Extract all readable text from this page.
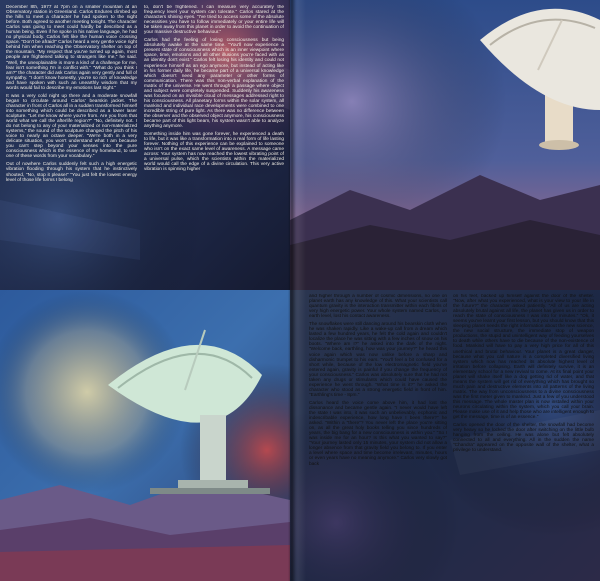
December 8th, 1977 at 7pm on a smaller mountain at an Observatory station in Greenland. Carlos Endures climbed up the hills to meet a character he had spoken to the night before. Both agreed to another meeting tonight. The character Carlos was going to meet could hardly be described as a human being. Even if he spoke in his native language, he had no physical body. Carlos felt like the human voice crossing space. "Don't be afraid!" Carlos heard a very gentle voice right behind him when reaching the Observatory shelter on top of the mountain. "My respect that you've turned up again, most people are frightened talking to strangers like me," he said. "Well, the unexplainable is more a kind of a challenge for me, fear isn't something I'm in conflict with." "What do you think I am?" the character did ask Carlos again very gently and full of sympathy. "I don't know honestly, you're so rich of knowledge and have spoken with such an unearthly wisdom that my words would fail to describe my emotions last night."

It was a very cold night up there and a moderate snowfall began to circulate around Carlos' bearskin jacket. The character in front of Carlos all in a sudden transformed himself into something which could be described as a lower laser sculpture. "Let me know where you're from. Are you from that world what we call the afterlife region?" "No, definitely not. I do not belong to any of your materialized or non-materialized systems," the sound of the sculpture changed the pitch of his voice to nearly an octave deeper. "We're both in a very delicate situation, you won't understand what I am because you can't step beyond your senses into the pure consciousness which is the essence of my homeland, to use one of these words from your vocabulary."

Out of nowhere Carlos suddenly felt such a high energetic vibration flooding through his system that he instinctively shouted, "No, stop it please!" "You just felt the lowest energy level of those life forms I belong

to, don't be frightened. I can measure very accurately the frequency level your system can tolerate." Carlos stared at the characters shining eyes. "I've tried to access some of the absolute necessities you have to follow immediately or your entire life will be taken away from this planet in order to avoid the continuation of your massive destructive behaviour."

Carlos had the feeling of losing consciousness but being absolutely awake at the same time. "You'll now experience a present state of consciousness which is an inner viewpoint where space, time, emotions and all other illusions you're faced with as an identity don't exist." Carlos felt losing his identity and could not experience himself as an ego anymore, but instead of acting like in his former daily life, he became part of a universal knowledge which doesn't need any parameter or other forms of communication. There was this non-verbal explanation of the matrix of the universe. He went through a passage where object and subject were completely suspended. Suddenly his awareness was focused on an invisible cloud of messages addressed right to his consciousness. All planetary forms within the solar system, all mankind and individual race developments were combined to one incredible string of pure light. As there was no difference between the observer and the observed object anymore, his consciousness became part of this light beam, his system wasn't able to analyze anything anymore.

Something inside him was gone forever, he experienced a death to life, but it was like a transformation into a real form of life lasting forever. Nothing of this experience can be explained to someone who isn't on the exact same level of awareness. A message came across: Your system has now reached the lowest vibrating point of a universal pulse, which the scientists within the materialized world would call the edge of a divine circulation. This very active vibration is spinning higher

and higher through a number of cosmic dimensions, no one on planet earth has any knowledge of this. What your scientists call quantum gravity is the interaction transmitter within each fibrils of very high energetic power. Your whole system named Carlos, on earth level, lost his contact awareness.

The snowflakes were still dancing around his bearskin cloth when he was shaken rapidly. Like a wake-up call from a dream which lasted a few hundred years, he felt the cold again and couldn't localize the place he was sitting with a few inches of snow on his boots. "Where am I?" he asked into the dark of the night. "Welcome back, earthling, how was your journey?" he heard this voice again which was now unlike before a sharp and disharmonic trumpet to his ears. "You'll feel a bit confused for a short while, because of the low electromagnetic field you've entered again, gravity is painful if you change the frequency of your consciousness." Carlos was absolutely sure that he had not taken any drugs or stimulants which could have caused the experience he went through. "What time is it?" he asked the character who stood as a strong energetic field in front of him. "Earthling's time - 8pm."

Carlos heard the voice come above him, it had lost the dissonance and became gentle again. "I never would have left the state I was into, it was such an unbelievably, ecphonic and indescribable experience, how long have I been there?" he asked. "Within a "there"? You never left the place you're sitting on, as all the great holy books telling you since hundreds of years, the big bang for a new consciousness is within you." "So I was inside me for an hour? Is this what you wanted to say?" "Your journey lasted only 15 minutes, your system did not allow a longer absence from that gravity field you belong to. If you enter a level where space and time become irrelevant, minutes, hours or even years have no meaning anymore." Carlos very slowly got back

on his feet, backed up himself against the door of the shelter. "Now, after what you experienced, what is your view to your life in the future?" the character asked patiently. "All of us are acting absolutely brutal against all life, the planet has given us in order to reach the state of consciousness I was into for minutes." "Ok, it seems you've learnt your first lesson, but you should know that this sleeping planet needs the right information about the new science, the new social structure, the immediate stop of weapon productions, the stupid and unintelligent way of feeding yourselves to death while others have to die because of the non-existence of food. Mankind will have to pay a very high price for all of this unethical and brutal behaviour. Your planet is a great danger, because what you call nature is a completed diversified living system which now has reached its absolute highest level of irritation before collapsing. Earth will definitely survive, it is an elementary school for a new revival to come. At its final point your planet will shake itself like a dog getting rid of water, and that means the system will get rid of everything which has brought so much pain and destructive elements into all patterns of the living matrix. The way from unconsciousness to a divine consciousness was the first meter given to mankind. Just a few of you understood this message. The whole master plan is now installed within your neurons circulating within the system, which you call your brain. Please make use of it and help those who are intelligent enough to get the message, time is of an essence."

Carlos opened the door of the shelter, the snowfall had become very heavy so he locked the door after switching on the little bulb hanging from the ceiling. He was alone but felt absolutely connected to all and everything. All in the sudden the name "Chandra" appeared on the opposite wall of the shelter, what a privilege to understand.
